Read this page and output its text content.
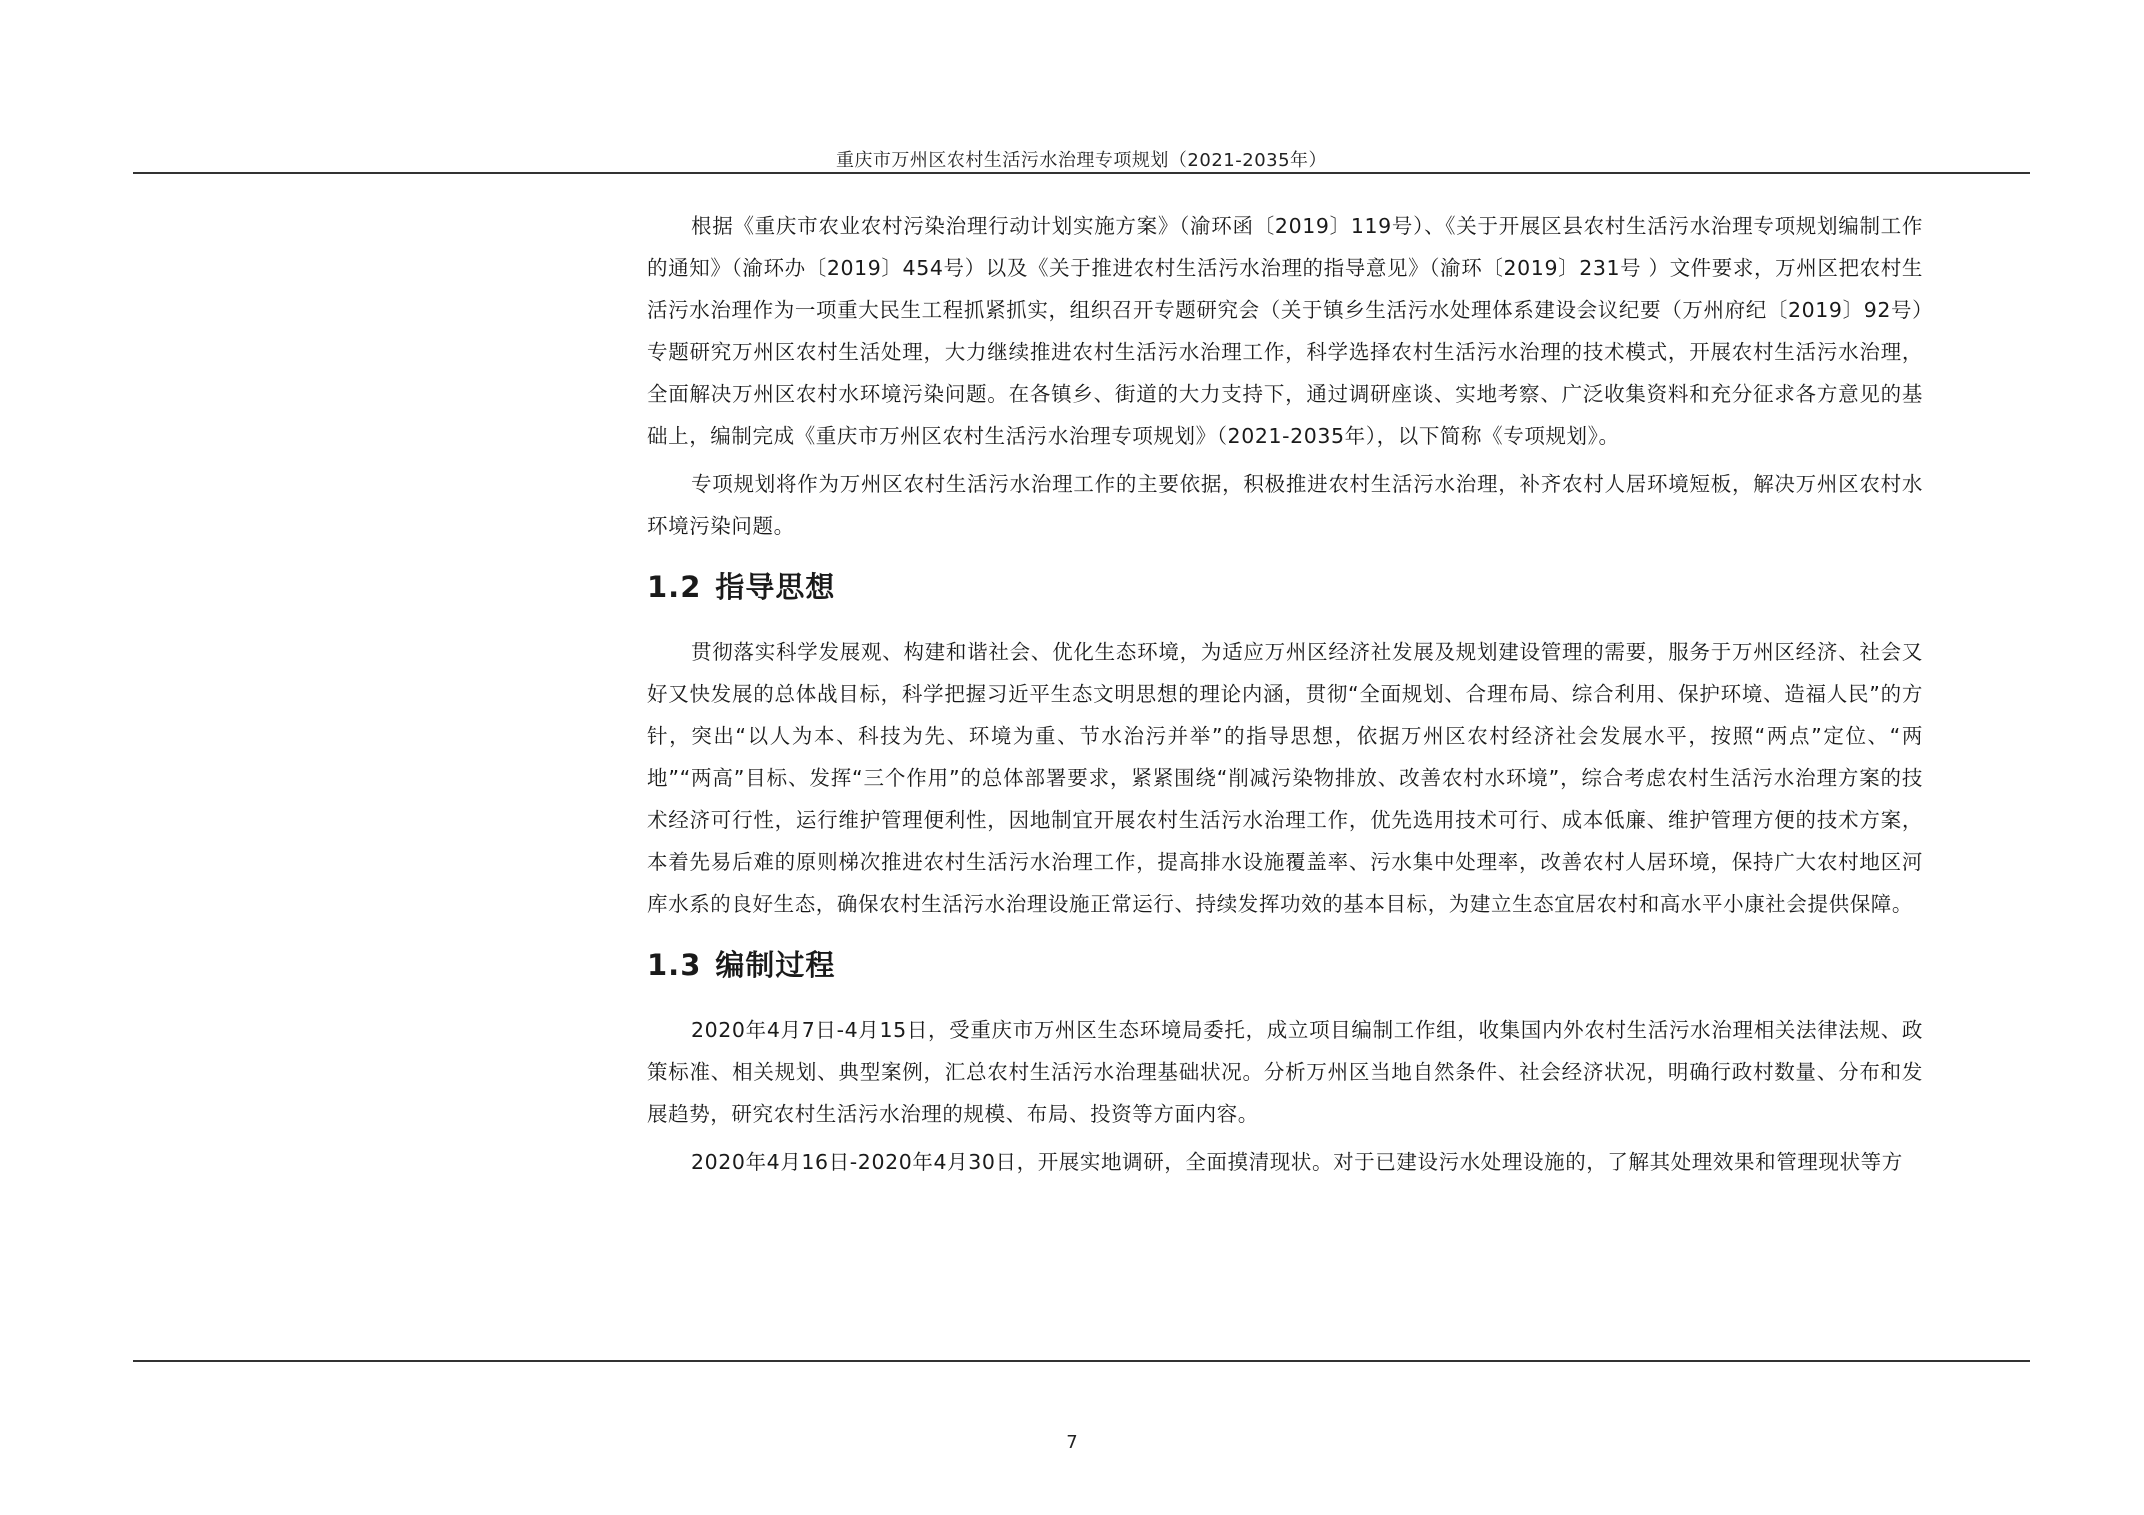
重庆市万州区农村生活污水治理专项规划（2021-2035年）

根据《重庆市农业农村污染治理行动计划实施方案》（渝环函〔2019〕119号）、《关于开展区县农村生活污水治理专项规划编制工作的通知》（渝环办〔2019〕454号）以及《关于推进农村生活污水治理的指导意见》（渝环〔2019〕231号 ）文件要求，万州区把农村生活污水治理作为一项重大民生工程抓紧抓实，组织召开专题研究会（关于镇乡生活污水处理体系建设会议纪要（万州府纪〔2019〕92号）专题研究万州区农村生活处理，大力继续推进农村生活污水治理工作，科学选择农村生活污水治理的技术模式，开展农村生活污水治理，全面解决万州区农村水环境污染问题。在各镇乡、街道的大力支持下，通过调研座谈、实地考察、广泛收集资料和充分征求各方意见的基础上，编制完成《重庆市万州区农村生活污水治理专项规划》（2021-2035年），以下简称《专项规划》。

专项规划将作为万州区农村生活污水治理工作的主要依据，积极推进农村生活污水治理，补齐农村人居环境短板，解决万州区农村水环境污染问题。

1.2 指导思想

贯彻落实科学发展观、构建和谐社会、优化生态环境，为适应万州区经济社发展及规划建设管理的需要，服务于万州区经济、社会又好又快发展的总体战目标，科学把握习近平生态文明思想的理论内涵，贯彻“全面规划、合理布局、综合利用、保护环境、造福人民”的方针，突出“以人为本、科技为先、环境为重、节水治污并举”的指导思想，依据万州区农村经济社会发展水平，按照“两点”定位、“两地”“两高”目标、发挥“三个作用”的总体部署要求，紧紧围绕“削减污染物排放、改善农村水环境”，综合考虑农村生活污水治理方案的技术经济可行性，运行维护管理便利性，因地制宜开展农村生活污水治理工作，优先选用技术可行、成本低廉、维护管理方便的技术方案，本着先易后难的原则梯次推进农村生活污水治理工作，提高排水设施覆盖率、污水集中处理率，改善农村人居环境，保持广大农村地区河库水系的良好生态，确保农村生活污水治理设施正常运行、持续发挥功效的基本目标，为建立生态宜居农村和高水平小康社会提供保障。

1.3 编制过程

2020年4月7日-4月15日，受重庆市万州区生态环境局委托，成立项目编制工作组，收集国内外农村生活污水治理相关法律法规、政策标准、相关规划、典型案例，汇总农村生活污水治理基础状况。分析万州区当地自然条件、社会经济状况，明确行政村数量、分布和发展趋势，研究农村生活污水治理的规模、布局、投资等方面内容。

2020年4月16日-2020年4月30日，开展实地调研，全面摸清现状。对于已建设污水处理设施的，了解其处理效果和管理现状等方

7
